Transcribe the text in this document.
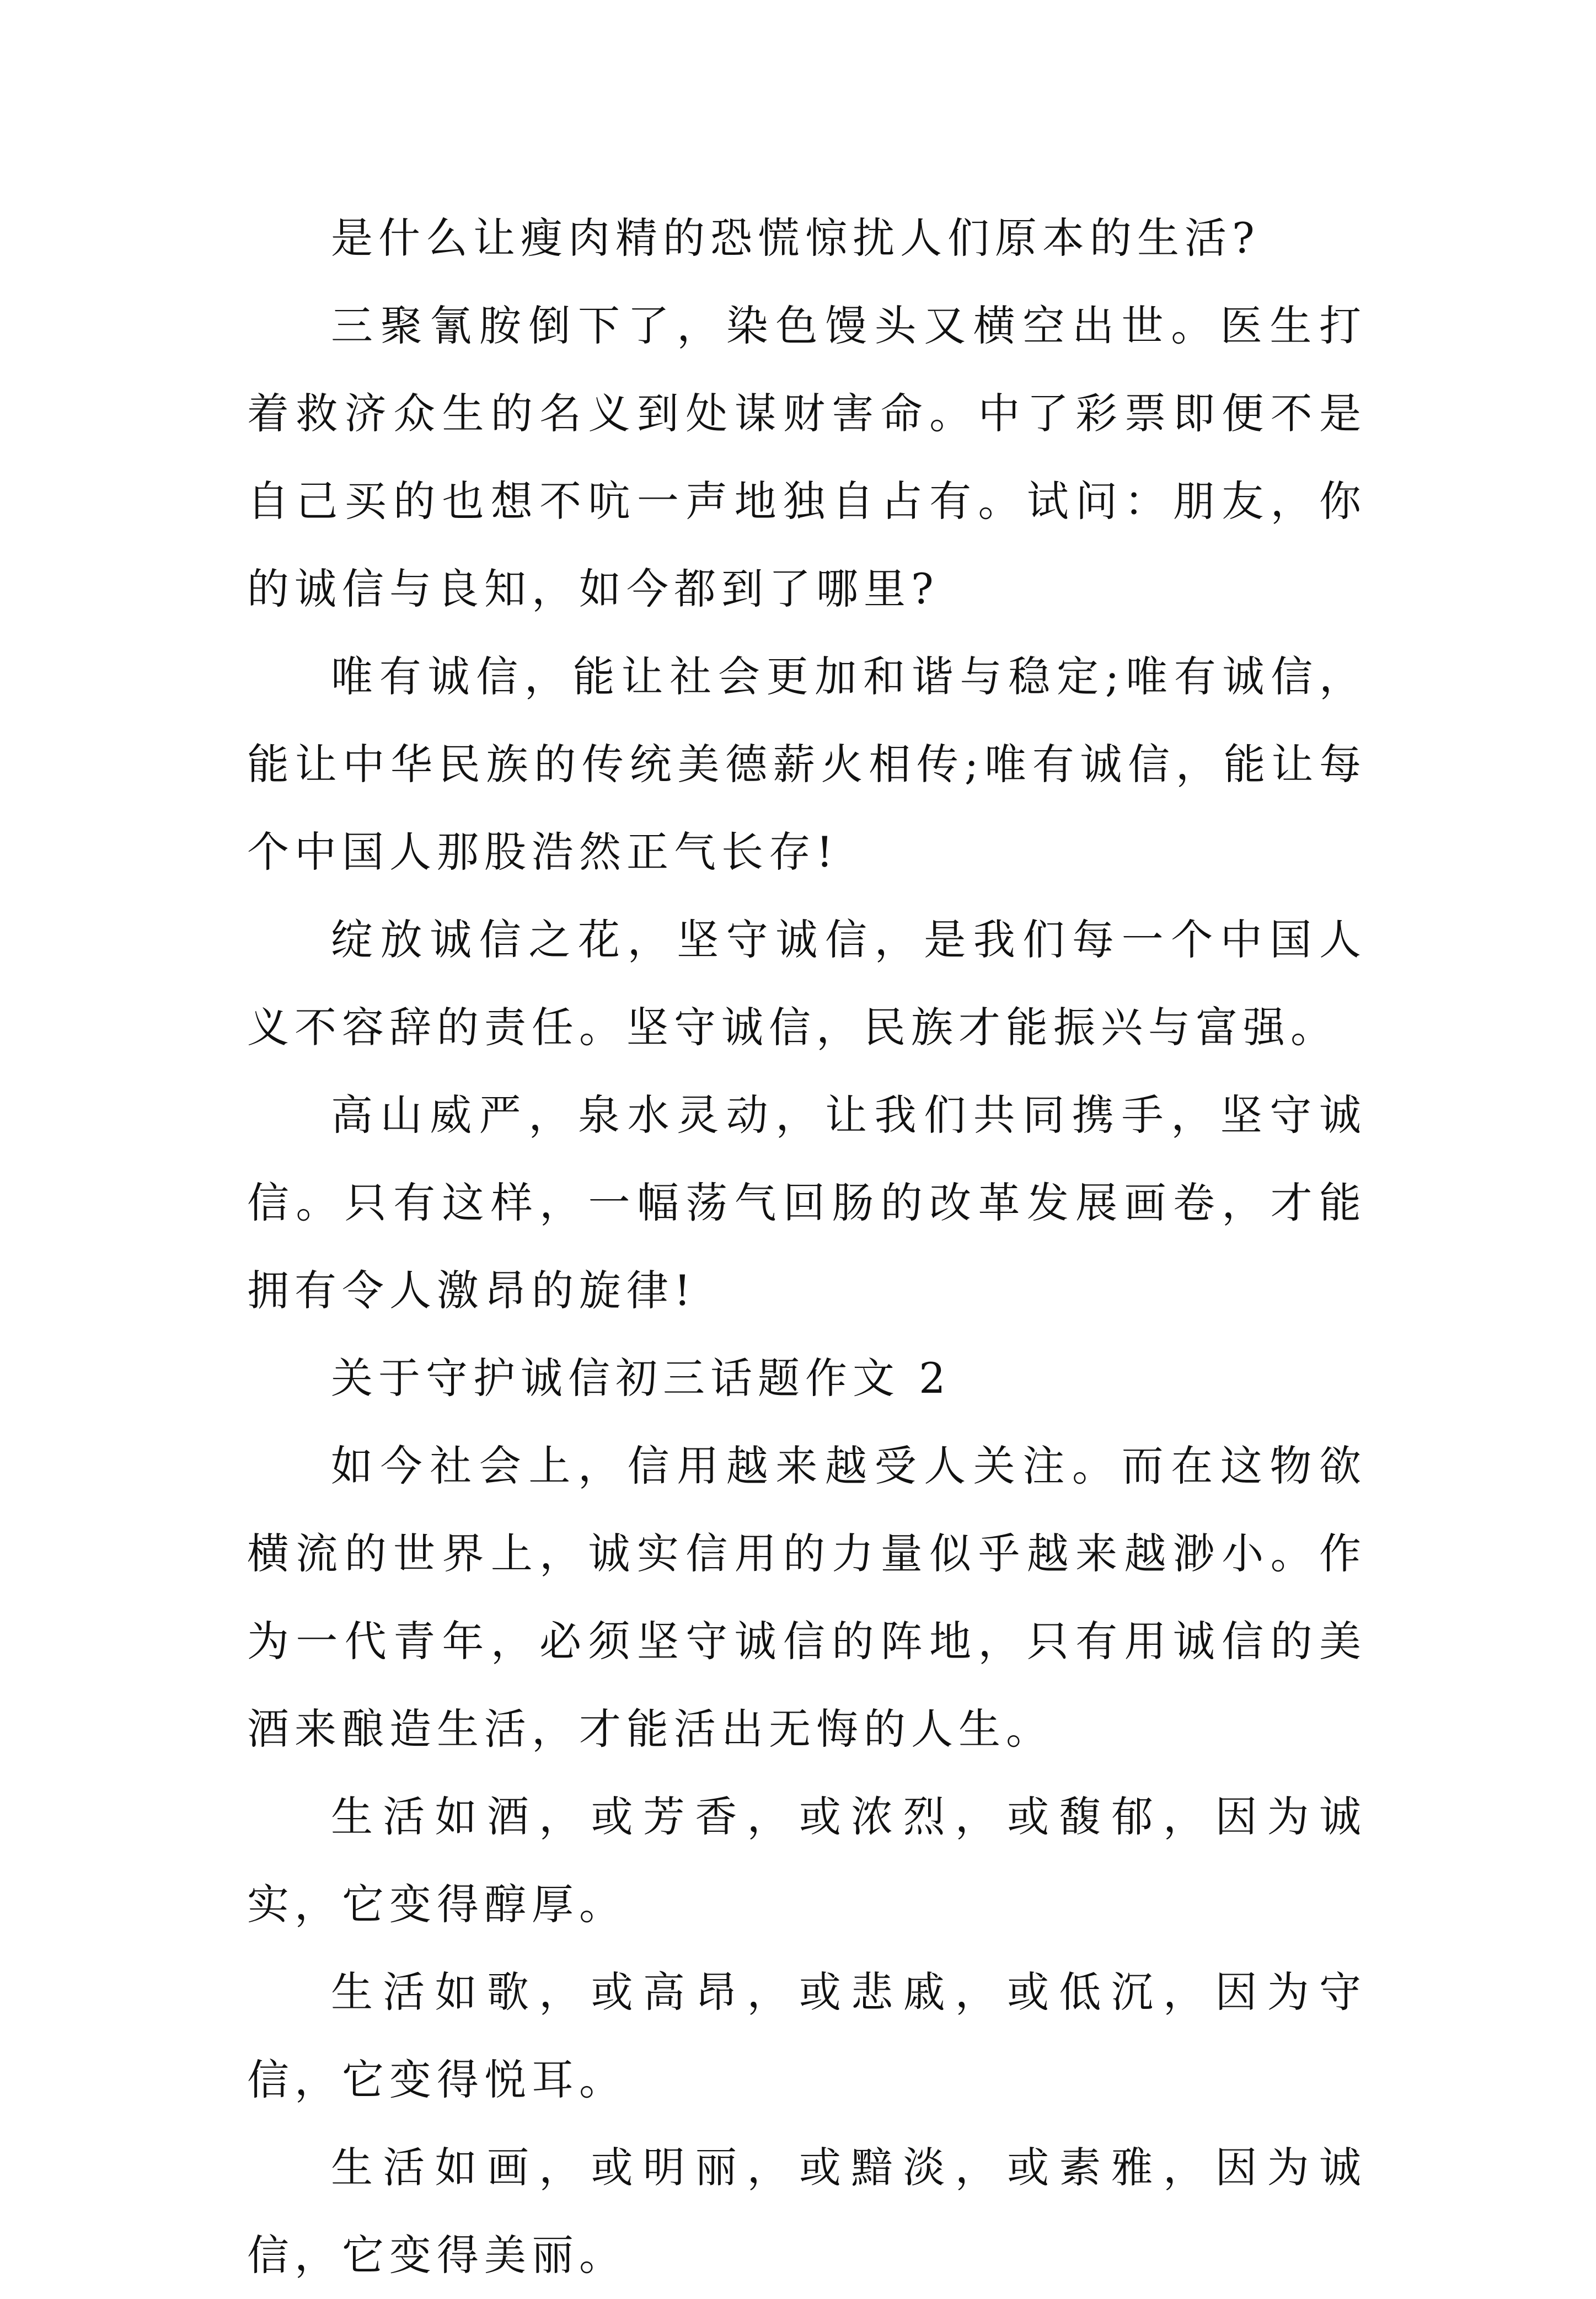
是什么让瘦肉精的恐慌惊扰人们原本的生活?

三聚氰胺倒下了，染色馒头又横空出世。医生打着救济众生的名义到处谋财害命。中了彩票即便不是自己买的也想不吭一声地独自占有。试问：朋友，你的诚信与良知，如今都到了哪里?

唯有诚信，能让社会更加和谐与稳定;唯有诚信，能让中华民族的传统美德薪火相传;唯有诚信，能让每个中国人那股浩然正气长存!

绽放诚信之花，坚守诚信，是我们每一个中国人义不容辞的责任。坚守诚信，民族才能振兴与富强。

高山威严，泉水灵动，让我们共同携手，坚守诚信。只有这样，一幅荡气回肠的改革发展画卷，才能拥有令人激昂的旋律!

关于守护诚信初三话题作文 2

如今社会上，信用越来越受人关注。而在这物欲横流的世界上，诚实信用的力量似乎越来越渺小。作为一代青年，必须坚守诚信的阵地，只有用诚信的美酒来酿造生活，才能活出无悔的人生。

生活如酒，或芳香，或浓烈，或馥郁，因为诚实，它变得醇厚。

生活如歌，或高昂，或悲戚，或低沉，因为守信，它变得悦耳。

生活如画，或明丽，或黯淡，或素雅，因为诚信，它变得美丽。
